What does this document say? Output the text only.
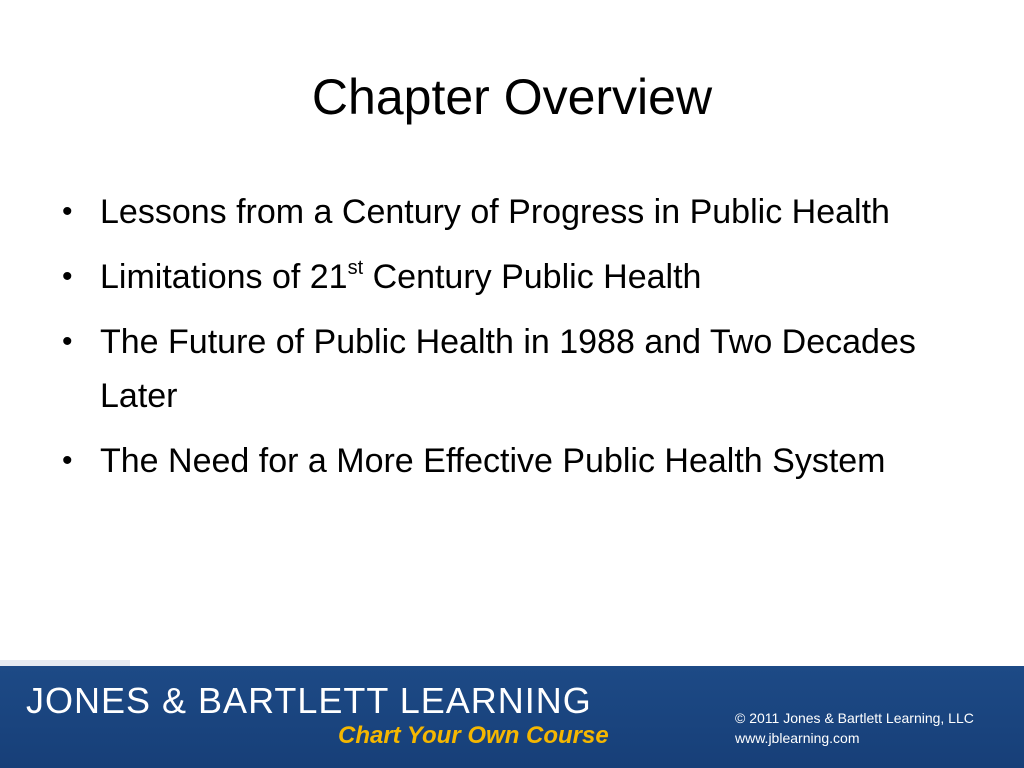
Chapter Overview
• Lessons from a Century of Progress in Public Health
• Limitations of 21st Century Public Health
• The Future of Public Health in 1988 and Two Decades Later
• The Need for a More Effective Public Health System
JONES & BARTLETT LEARNING
Chart Your Own Course
© 2011 Jones & Bartlett Learning, LLC
www.jblearning.com
